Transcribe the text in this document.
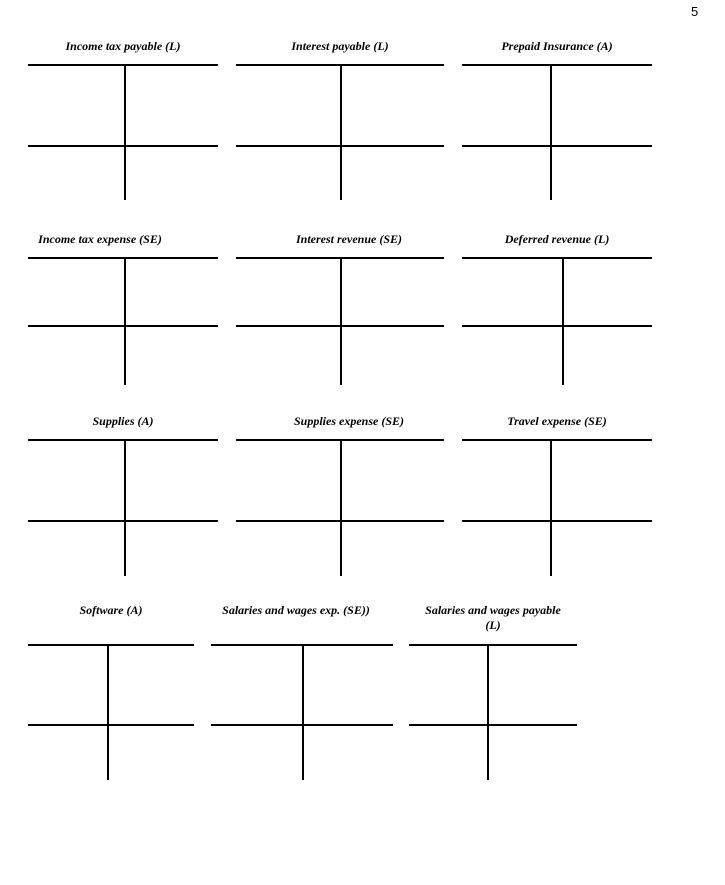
5
Income tax payable (L)	Interest payable (L)	Prepaid Insurance (A)
Income tax expense (SE)	Interest revenue (SE)	Deferred revenue (L)
Supplies (A)	Supplies expense (SE)	Travel expense (SE)
Software (A)	Salaries and wages exp. (SE))	Salaries and wages payable (L)
